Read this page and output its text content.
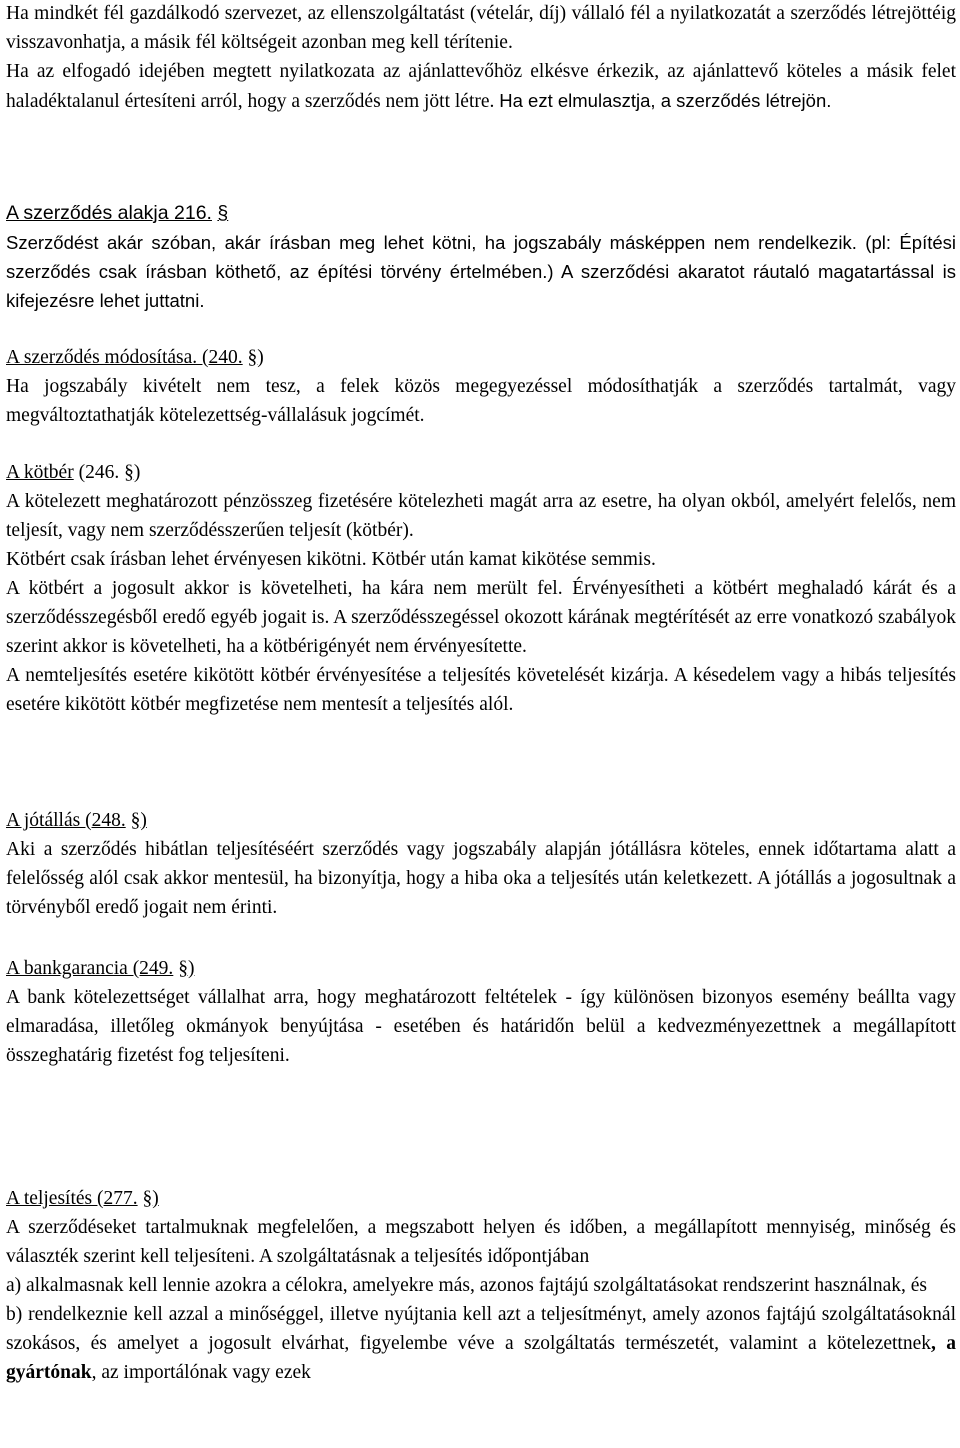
Ha mindkét fél gazdálkodó szervezet, az ellenszolgáltatást (vételár, díj) vállaló fél a nyilatkozatát a szerződés létrejöttéig visszavonhatja, a másik fél költségeit azonban meg kell térítenie.

Ha az elfogadó idejében megtett nyilatkozata az ajánlattevőhöz elkésve érkezik, az ajánlattevő köteles a másik felet haladéktalanul értesíteni arról, hogy a szerződés nem jött létre. Ha ezt elmulasztja, a szerződés létrejön.

A szerződés alakja 216. §

Szerződést akár szóban, akár írásban meg lehet kötni, ha jogszabály másképpen nem rendelkezik. (pl: Építési szerződés csak írásban köthető, az építési törvény értelmében.) A szerződési akaratot ráutaló magatartással is kifejezésre lehet juttatni.

A szerződés módosítása. (240. §)

Ha jogszabály kivételt nem tesz, a felek közös megegyezéssel módosíthatják a szerződés tartalmát, vagy megváltoztathatják kötelezettség-vállalásuk jogcímét.

A kötbér (246. §)

A kötelezett meghatározott pénzösszeg fizetésére kötelezheti magát arra az esetre, ha olyan okból, amelyért felelős, nem teljesít, vagy nem szerződésszerűen teljesít (kötbér).

Kötbért csak írásban lehet érvényesen kikötni. Kötbér után kamat kikötése semmis.

A kötbért a jogosult akkor is követelheti, ha kára nem merült fel. Érvényesítheti a kötbért meghaladó kárát és a szerződésszegésből eredő egyéb jogait is. A szerződésszegéssel okozott kárának megtérítését az erre vonatkozó szabályok szerint akkor is követelheti, ha a kötbérigényét nem érvényesítette.

A nemteljesítés esetére kikötött kötbér érvényesítése a teljesítés követelését kizárja. A késedelem vagy a hibás teljesítés esetére kikötött kötbér megfizetése nem mentesít a teljesítés alól.

A jótállás (248. §)

Aki a szerződés hibátlan teljesítéséért szerződés vagy jogszabály alapján jótállásra köteles, ennek időtartama alatt a felelősség alól csak akkor mentesül, ha bizonyítja, hogy a hiba oka a teljesítés után keletkezett. A jótállás a jogosultnak a törvényből eredő jogait nem érinti.

A bankgarancia (249. §)

A bank kötelezettséget vállalhat arra, hogy meghatározott feltételek - így különösen bizonyos esemény beállta vagy elmaradása, illetőleg okmányok benyújtása - esetében és határidőn belül a kedvezményezettnek a megállapított összeghatárig fizetést fog teljesíteni.

A teljesítés (277. §)

A szerződéseket tartalmuknak megfelelően, a megszabott helyen és időben, a megállapított mennyiség, minőség és választék szerint kell teljesíteni. A szolgáltatásnak a teljesítés időpontjában

a) alkalmasnak kell lennie azokra a célokra, amelyekre más, azonos fajtájú szolgáltatásokat rendszerint használnak, és

b) rendelkeznie kell azzal a minőséggel, illetve nyújtania kell azt a teljesítményt, amely azonos fajtájú szolgáltatásoknál szokásos, és amelyet a jogosult elvárhat, figyelembe véve a szolgáltatás természetét, valamint a kötelezettnek, a gyártónak, az importálónak vagy ezek
